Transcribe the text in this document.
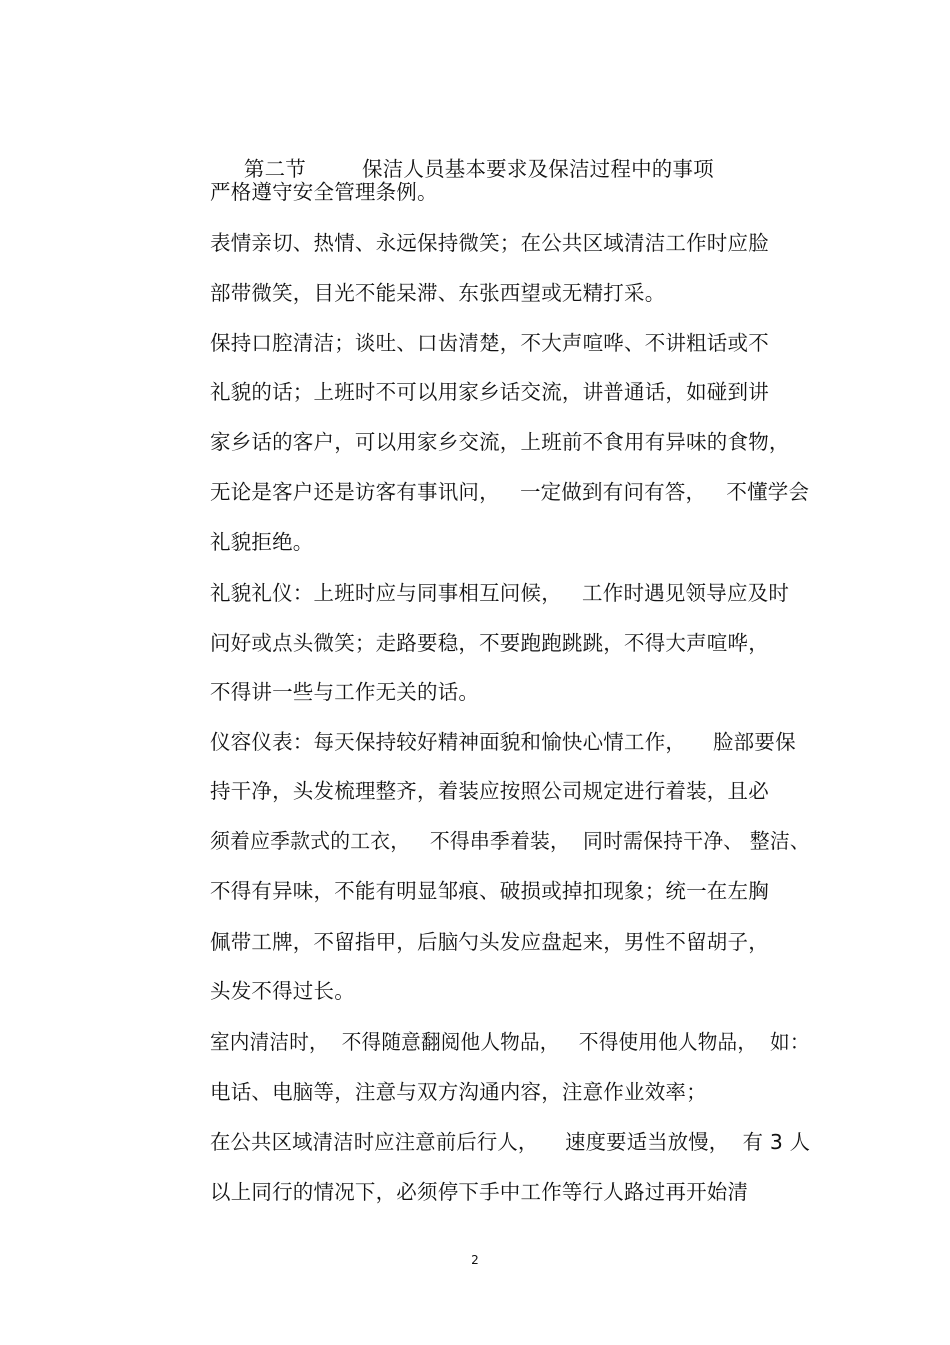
第二节	保洁人员基本要求及保洁过程中的事项

严格遵守安全管理条例。
表情亲切、热情、永远保持微笑；在公共区域清洁工作时应脸
部带微笑，目光不能呆滞、东张西望或无精打采。
保持口腔清洁；谈吐、口齿清楚，不大声喧哗、不讲粗话或不
礼貌的话；上班时不可以用家乡话交流，讲普通话，如碰到讲
家乡话的客户，可以用家乡交流，上班前不食用有异味的食物，
无论是客户还是访客有事讯问，   一定做到有问有答，   不懂学会
礼貌拒绝。
礼貌礼仪：上班时应与同事相互问候，   工作时遇见领导应及时
问好或点头微笑；走路要稳，不要跑跑跳跳，不得大声喧哗，
不得讲一些与工作无关的话。
仪容仪表：每天保持较好精神面貌和愉快心情工作，    脸部要保
持干净，头发梳理整齐，着装应按照公司规定进行着装，且必
须着应季款式的工衣，   不得串季着装，  同时需保持干净、 整洁、
不得有异味，不能有明显邹痕、破损或掉扣现象；统一在左胸
佩带工牌，不留指甲，后脑勺头发应盘起来，男性不留胡子，
头发不得过长。
室内清洁时，  不得随意翻阅他人物品，   不得使用他人物品，  如：
电话、电脑等，注意与双方沟通内容，注意作业效率；
在公共区域清洁时应注意前后行人，    速度要适当放慢，  有 3 人
以上同行的情况下，必须停下手中工作等行人路过再开始清
2
